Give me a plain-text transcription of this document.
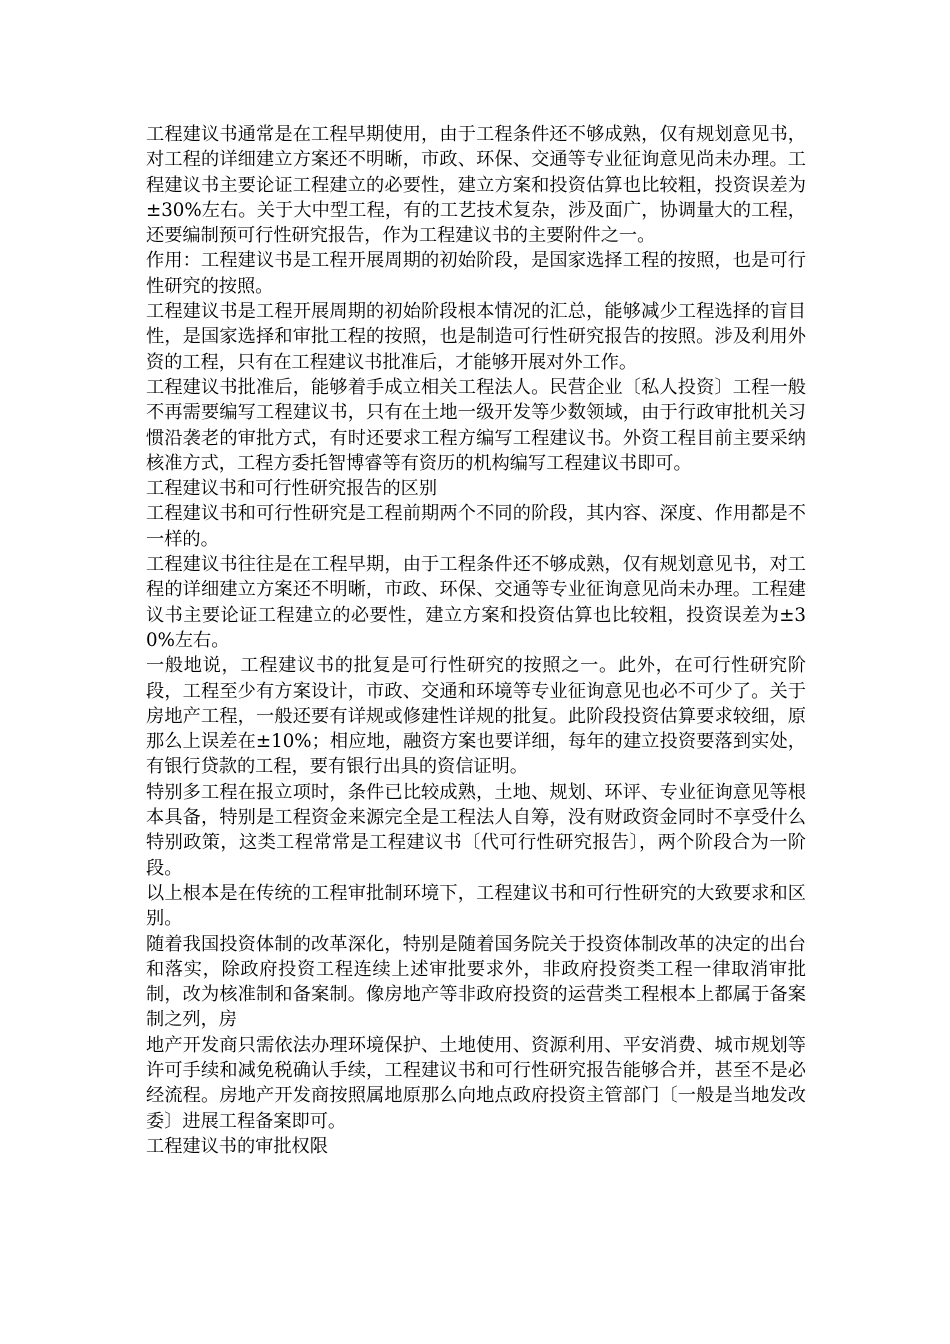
工程建议书通常是在工程早期使用，由于工程条件还不够成熟，仅有规划意见书，对工程的详细建立方案还不明晰，市政、环保、交通等专业征询意见尚未办理。工程建议书主要论证工程建立的必要性，建立方案和投资估算也比较粗，投资误差为±30%左右。关于大中型工程，有的工艺技术复杂，涉及面广，协调量大的工程，还要编制预可行性研究报告，作为工程建议书的主要附件之一。

作用：工程建议书是工程开展周期的初始阶段，是国家选择工程的按照，也是可行性研究的按照。

工程建议书是工程开展周期的初始阶段根本情况的汇总，能够减少工程选择的盲目性，是国家选择和审批工程的按照，也是制造可行性研究报告的按照。涉及利用外资的工程，只有在工程建议书批准后，才能够开展对外工作。

工程建议书批准后，能够着手成立相关工程法人。民营企业〔私人投资〕工程一般不再需要编写工程建议书，只有在土地一级开发等少数领域，由于行政审批机关习惯沿袭老的审批方式，有时还要求工程方编写工程建议书。外资工程目前主要采纳核准方式，工程方委托智博睿等有资历的机构编写工程建议书即可。

工程建议书和可行性研究报告的区别

工程建议书和可行性研究是工程前期两个不同的阶段，其内容、深度、作用都是不一样的。

工程建议书往往是在工程早期，由于工程条件还不够成熟，仅有规划意见书，对工程的详细建立方案还不明晰，市政、环保、交通等专业征询意见尚未办理。工程建议书主要论证工程建立的必要性，建立方案和投资估算也比较粗，投资误差为±30%左右。

一般地说，工程建议书的批复是可行性研究的按照之一。此外，在可行性研究阶段，工程至少有方案设计，市政、交通和环境等专业征询意见也必不可少了。关于房地产工程，一般还要有详规或修建性详规的批复。此阶段投资估算要求较细，原那么上误差在±10%；相应地，融资方案也要详细，每年的建立投资要落到实处，有银行贷款的工程，要有银行出具的资信证明。

特别多工程在报立项时，条件已比较成熟，土地、规划、环评、专业征询意见等根本具备，特别是工程资金来源完全是工程法人自筹，没有财政资金同时不享受什么特别政策，这类工程常常是工程建议书〔代可行性研究报告〕，两个阶段合为一阶段。

以上根本是在传统的工程审批制环境下，工程建议书和可行性研究的大致要求和区别。

随着我国投资体制的改革深化，特别是随着国务院关于投资体制改革的决定的出台和落实，除政府投资工程连续上述审批要求外，非政府投资类工程一律取消审批制，改为核准制和备案制。像房地产等非政府投资的运营类工程根本上都属于备案制之列，房

地产开发商只需依法办理环境保护、土地使用、资源利用、平安消费、城市规划等许可手续和减免税确认手续，工程建议书和可行性研究报告能够合并，甚至不是必经流程。房地产开发商按照属地原那么向地点政府投资主管部门〔一般是当地发改委〕进展工程备案即可。

工程建议书的审批权限
